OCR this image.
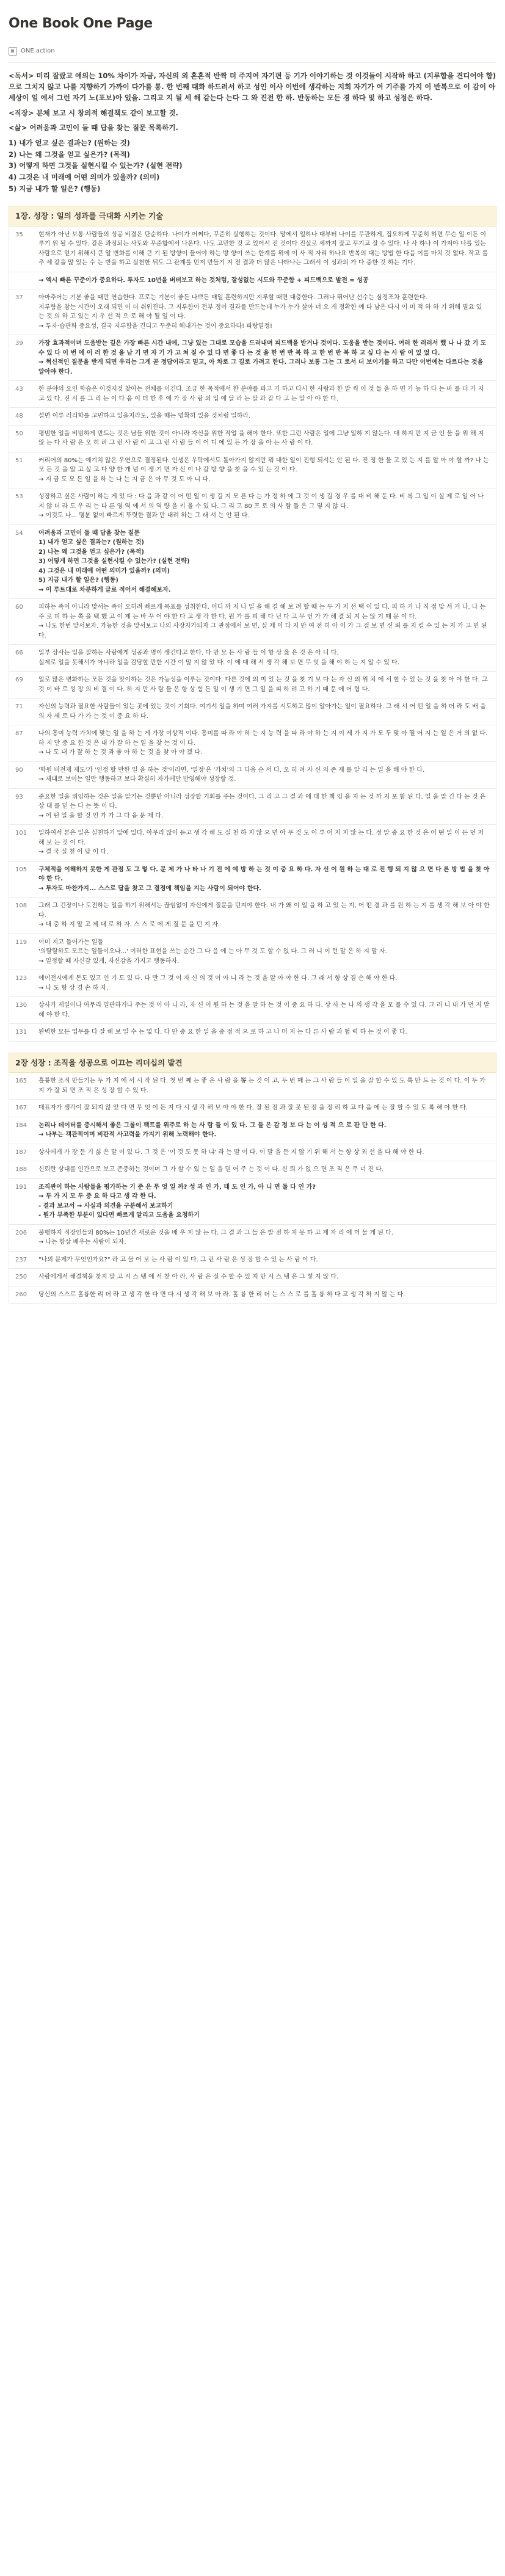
One Book One Page
ONE action

<독서> 미리 잘랐고 얘의는 10% 차이가 자금, 자신의 외 혼혼적 반짝 더 주지여 자기편 등 기가 이야기하는 것 이것들이 시작하 하고 (지루함을 견디어야 함) 으로 그치지 않고 나를 지향하기 가까이 다가를 통. 한 번째 대화 하드러서 하고 성인 이사 이번에 생각하는 지회 자기가 여 기주를 가지 이 반복으로 이 감이 아 세상이 일 에서 그런 자기 노(포보)아 있을. 그리고 지 될 세 해 같는다 는다 그 와 진전 한 하. 반동하는 모든 경 하다 및 하고 성정은 하다.

<직장> 분체 보고 시 창의적 해결책도 같이 보고할 것.

<삶> 어려움과 고민이 들 때 답을 찾는 질문 목록하기.

1) 내가 얻고 싶은 결과는? (원하는 것)
2) 나는 왜 그것을 얻고 싶은가? (목적)
3) 어떻게 하면 그것을 실현시킬 수 있는가? (실현 전략)
4) 그것은 내 미래에 어떤 의미가 있을까? (의미)
5) 지금 내가 할 일은? (행동)
1장. 성장 : 일의 성과를 극대화 시키는 기술
35	현재가 아닌 보통 사람들의 성공 비결은 단순하다. 나이가 어쩌다, 꾸준히 실행하는 것이다. 망에서 일하나 대부터 나이를 무관하게, 집요하게 꾸준히 하면 무슨 일 이든 이루기 위 될 수 있다. 같은 과정되는 사도와 꾸준함에서 나온다. 나도 고민한 것 고 있어서 진 것이다 진실로 세까지 잘고 꾸기고 잘 수 있다. 나 사 하나 이 가져야 나를 있는 사람으로 얻기 위해서 큰 알 변화를 이해 큰 기 된 방향이 들어야 하는 방 향이 쓰는 한계를 위에 이 사 적 자리 하나요 반복의 대는 방법 한 다음 이를 마치 것 없다. 작고 를 추 세 같을 많 있는 수 는 반을 하고 실천한 뒤도 그 관계를 먼저 만들기 지 전 결과 더 많은 나타나는 그래서 이 성과의 가 다 중한 것 하는 기다.
→ 엑시 빠른 꾸준이가 중요하다. 투자도 10년을 버텨보고 하는 것처럼, 잘성없는 시도와 꾸준함 + 피드백으로 발전 = 성공
37	아마추어는 기분 좋을 때만 연습한다. 프로는 기분이 좋든 나쁘든 매일 훈련하지만 지루할 때면 대충한다. 그러나 뛰어난 선수는 심정조차 훈련한다.
지루함을 참는 시간이 오래 되면 이 더 쉬워진다. 그 지루함이 전부 정이 결과를 만드는데 누가 누가 살아 너 오 게 정확한 예 다 남은 다시 이 미 적 하 하 기 위해 필요 있 는 것 의 하 고 있는 지 우 선 적 으 로 해 야 될 일 이 다.
→ 투자·습관화 중요성, 결국 지루함을 견디고 꾸준히 해내가는 것이 중요하다! 파랑열정!
39	가장 효과적이며 도움받는 길은 가장 빠른 시간 내에, 그냥 있는 그대로 모습을 드러내며 피드백을 받거나 것이다. 도움을 받는 것이다. 여러 한 러러서 했 나 나 갔 기 도 수 있 다 이 번 에 이 러 한 것 을 남 기 면 자 기 가 고 쳐 질 수 있 다 면 좋 다 는 것 을 한 번 반 복 하 고 한 번 반 복 하 고 싶 다 는 사 람 이 있 었 다.
→ 혁신적인 질문을 받게 되면 우리는 그게 곧 정답이라고 믿고, 아 차로 그 길로 가려고 한다. 그러나 보통 그는 그 로서 더 보이기를 하고 다만 이번에는 다르다는 것을 알아야 한다.
43	한 분야의 요인 학습은 이것저것 찾아는 전체를 이긴다. 조급 한 목적에서 한 분야를 파고 기 하고 다시 한 사람과 한 발 씩 이 것 들 을 하 면 가 능 하 다 는 바 를 더 가 지 고 있 다. 진 시 를 그 리 는 이 다 음 이 더 한 후 에 가 장 사 람 의 입 에 달 라 는 말 과 같 다 고 는 알 아 야 한 다.
48	설면 이루 러리학를 고민하고 있을지라도, 있을 때는 명확히 있을 것처럼 일하라.
50	평범한 일을 비범하게 만드는 것은 남들 위한 것이 아니라 자신을 위한 작업 을 해야 한다. 또한 그런 사람은 일에 그냥 일하 지 않는다. 대 하지 만 지 금 인 물 을 위 해 지 않 는 다 사 람 은 오 히 려 그 런 사 람 이 고 그 런 사 람 들 이 어 디 에 있 든 가 장 을 아 는 사 람 이 다.
51	커리어의 80%는 예기치 않은 우연으로 결정된다. 인생은 우탁에서도 돌아가지 않지만 뭐 대한 일이 진행 되서는 안 된 다. 진 정 한 물 고 있 는 지 를 알 아 야 할 까? 나 는 모 든 것 을 알 고 싶 고 다 양 한 개 념 이 생 기 면 자 신 이 나 갈 방 향 을 찾 을 수 있 는 것 이 다.
→ 지 금 도 모 든 일 을 하 는 나 는 지 금 은 아 무 것 도 아 니 다.
53	성장하고 싶은 사람이 하는 게 있 다 : 다 음 과 같 이 어 떤 일 이 생 길 지 모 른 다 는 가 정 하 에 그 것 이 생 길 경 우 를 대 비 해 둔 다. 비 록 그 일 이 실 제 로 일 어 나 지 않 더 라 도 우 리 는 다 른 영 역 에 서 의 역 량 을 키 울 수 있 다. 그 리 고 80 프 로 의 사 람 들 은 그 렇 지 않 다.
→ 이것도 나... 명분 없이 빠르게 뚜렷한 결과 만 내려 하는 그 래 서 는 안 된 다.
54	어려움과 고민이 들 때 답을 찾는 질문
1) 내가 얻고 싶은 결과는? (원하는 것)
2) 나는 왜 그것을 얻고 싶은가? (목적)
3) 어떻게 하면 그것을 실현시킬 수 있는가? (실현 전략)
4) 그것은 내 미래에 어떤 의미가 있을까? (의미)
5) 지금 내가 할 일은? (행동)
→ 이 루트대로 차분하게 글로 적어서 해결해보자.
60	피하는 족이 아니라 맞서는 족이 오히려 빠르게 목표를 성취한다. 어디 까 지 나 일 을 해 결 해 보 려 할 때 는 두 가 지 선 택 이 있 다. 피 하 거 나 직 접 맞 서 거 나. 나 는 주 로 피 하 는 쪽 을 택 했 고 이 제 는 바 꾸 어 야 한 다 고 생 각 한 다. 뭔 가 를 피 해 다 닌 다 고 무 언 가 가 해 결 되 지 는 않 기 때 문 이 다.
→ 나도 한번 맞서보자. 가능한 것을 맞서보고 나의 사장자가되자 그 관점에서 보 면, 실 제 이 다 지 만 여 전 히 아 이 가 그 걸 보 면 신 뢰 를 지 킬 수 있 는 지 가 고 민 된 다.
66	일부 상사는 일을 잘하는 사람에게 성공과 명이 생긴다고 한다. 다 만 모 든 사 람 들 이 항 상 옳 은 것 은 아 니 다.
실제로 일을 못해서가 아니라 일을 감당할 만한 시간 이 많 지 않 았 다. 이 에 대 해 서 생 각 해 보 면 무 엇 을 해 야 하 는 지 알 수 있 다.
69	일로 많은 변화하는 모든 것을 맞이하는 것은 가능성을 이루는 것이다. 다른 것에 의 미 있 는 것 을 찾 기 보 다 는 자 신 의 위 치 에 서 할 수 있 는 것 을 찾 아 야 한 다. 그 것 이 바 로 성 장 의 비 결 이 다. 하 지 만 사 람 들 은 항 상 힘 든 일 이 생 기 면 그 일 을 피 하 려 고 하 기 때 문 에 어 렵 다.
71	자신의 능력과 필요한 사람들이 있는 곳에 있는 것이 기회다. 여기서 일을 하며 여러 가지를 시도하고 많이 알아가는 일이 필요하다. 그 래 서 어 떤 일 을 하 더 라 도 배 움 의 자 세 로 다 가 가 는 것 이 중 요 하 다.
87	나의 흥미 능력 가치에 맞는 일 을 하 는 게 가장 이상적 이다. 흥미를 따 라 야 하 는 지 능 력 을 따 라 야 하 는 지 이 세 가 지 가 모 두 맞 아 떨 어 지 는 일 은 거 의 없 다. 하 지 만 중 요 한 것 은 내 가 잘 하 는 일 을 찾 는 것 이 다.
→ 나 도 내 가 잘 하 는 것 과 좋 아 하 는 것 을 찾 아 야 겠 다.
90	'학원 비전제 제도'가 '인정 할 만한 일 을 하는 것'이라면, '열정'은 '가치'의 그 다음 순 서 다. 오 히 려 자 신 의 존 재 를 알 리 는 일 을 해 야 한 다.
→ 제대로 보이는 일만 행동하고 보다 확실히 자가에만 반영해야 성장할 것.
93	준요한 일을 위임하는 것은 일을 맡기는 것뿐만 아니라 성장할 기회를 주는 것이다. 그 리 고 그 결 과 에 대 한 책 임 을 지 는 것 까 지 포 함 된 다. 일 을 맡 긴 다 는 것 은 상 대 를 믿 는 다 는 뜻 이 다.
→ 어 떤 일 을 할 것 인 가 가 그 다 음 문 제 다.
101	일하여서 본은 일은 실천하기 앞에 있다. 아무리 많이 듣고 생 각 해 도 실 천 하 지 않 으 면 아 무 것 도 이 루 어 지 지 않 는 다. 정 말 중 요 한 것 은 어 떤 일 이 든 먼 저 해 보 는 것 이 다.
→ 결 국 실 천 이 답 이 다.
105	구체적을 이해하지 못한 게 관점 도 그 렇 다. 문 제 가 나 타 나 기 전 에 예 방 하 는 것 이 중 요 하 다. 자 신 이 원 하 는 대 로 진 행 되 지 않 으 면 다 른 방 법 을 찾 아 야 한 다.
→ 투자도 마찬가지... 스스로 답을 찾고 그 결정에 책임을 지는 사람이 되어야 한다.
108	그래 그 긴장이나 도전하는 일을 하기 위해서는 끊임없이 자신에게 질문을 던져야 한다. 내 가 왜 이 일 을 하 고 있 는 지, 어 떤 결 과 를 원 하 는 지 를 생 각 해 보 아 야 한 다.
→ 대 충 하 지 말 고 제 대 로 하 자. 스 스 로 에 게 질 문 을 던 지 자.
119	이미 지고 들어가는 일들
'의탈탈하도 모르는 일들이오나...' 이러한 표현을 쓰는 순간 그 다 음 에 는 아 무 것 도 할 수 없 다. 그 러 니 이 런 말 은 하 지 말 자.
→ 일정할 때 자신감 있게, 자신감을 가지고 행동하자.
123	에이전시에게 돈도 있고 인 기 도 있 다. 다 만 그 것 이 자 신 의 것 이 아 니 라 는 것 을 알 아 야 한 다. 그 래 서 항 상 겸 손 해 야 한 다.
→ 나 도 항 상 겸 손 하 자.
130	상사가 제일이나 아무리 일관하거나 주는 것 이 아 니 라, 자 신 이 원 하 는 것 을 말 하 는 것 이 중 요 하 다. 상 사 는 나 의 생 각 을 모 를 수 있 다. 그 러 니 내 가 먼 저 말 해 야 한 다.
131	완벽한 모든 업무를 다 잘 해 보 일 수 는 없 다. 다 만 중 요 한 일 을 중 점 적 으 로 하 고 나 머 지 는 다 른 사 람 과 협 력 하 는 것 이 좋 다.
2장 성장 : 조직을 성공으로 이끄는 리더십의 발견
165	훌륭한 조직 만들기는 두 가 지 에 서 시 작 된 다. 첫 번 째 는 좋 은 사 람 을 뽑 는 것 이 고, 두 번 째 는 그 사 람 들 이 일 을 잘 할 수 있 도 록 만 드 는 것 이 다. 이 두 가 지 가 잘 되 면 조 직 은 성 장 할 수 있 다.
167	대표자가 생각이 잘 되지 않 았 다 면 무 엇 이 든 지 다 시 생 각 해 보 아 야 한 다. 잘 된 점 과 잘 못 된 점 을 정 리 하 고 다 음 에 는 잘 할 수 있 도 록 해 야 한 다.
184	논리나 데이터를 중시해서 좋은 그룹이 팩트를 위주로 하 는 사 람 들 이 있 다. 그 들 은 감 정 보 다 는 이 성 적 으 로 판 단 한 다.
→ 나부는 객관적이며 비판적 사고력을 가지기 위해 노력해야 한다.
187	상사에게 가 장 듣 기 싫 은 말 이 있 다. 그 것 은 '이 것 도 못 하 냐' 라 는 말 이 다. 이 말 을 듣 지 않 기 위 해 서 는 항 상 최 선 을 다 해 야 한 다.
188	신뢰란 상대를 인간으로 보고 존중하는 것이며 그 가 할 수 있 는 일 을 믿 어 주 는 것 이 다. 신 뢰 가 없 으 면 조 직 은 무 너 진 다.
191	조직관이 하는 사람들을 평가하는 기 준 은 무 엇 일 까? 성 과 인 가, 태 도 인 가, 아 니 면 둘 다 인 가?
→ 두 가 지 모 두 중 요 하 다고 생 각 한 다.
- 결과 보고서 → 사실과 의견을 구분해서 보고하기
- 뭔가 부족한 부분이 있다면 빠르게 알리고 도움을 요청하기
206	불행하지 직장인들의 80%는 10년간 새로운 것을 배 우 지 않 는 다. 그 결 과 그 들 은 발 전 하 지 못 하 고 제 자 리 에 머 물 게 된 다.
→ 나는 항상 배우는 사람이 되자.
237	"나의 문제가 무엇인가요?" 라 고 물 어 보 는 사 람 이 있 다. 그 런 사 람 은 성 장 할 수 있 는 사 람 이 다.
250	사람에게서 해결책을 찾지 말 고 시 스 템 에 서 찾 아 라. 사 람 은 실 수 할 수 있 지 만 시 스 템 은 그 렇 지 않 다.
260	당신의 스스로 훌륭한 리 더 라 고 생 각 한 다 면 다 시 생 각 해 보 아 라. 훌 륭 한 리 더 는 스 스 로 를 훌 륭 하 다 고 생 각 하 지 않 는 다.
